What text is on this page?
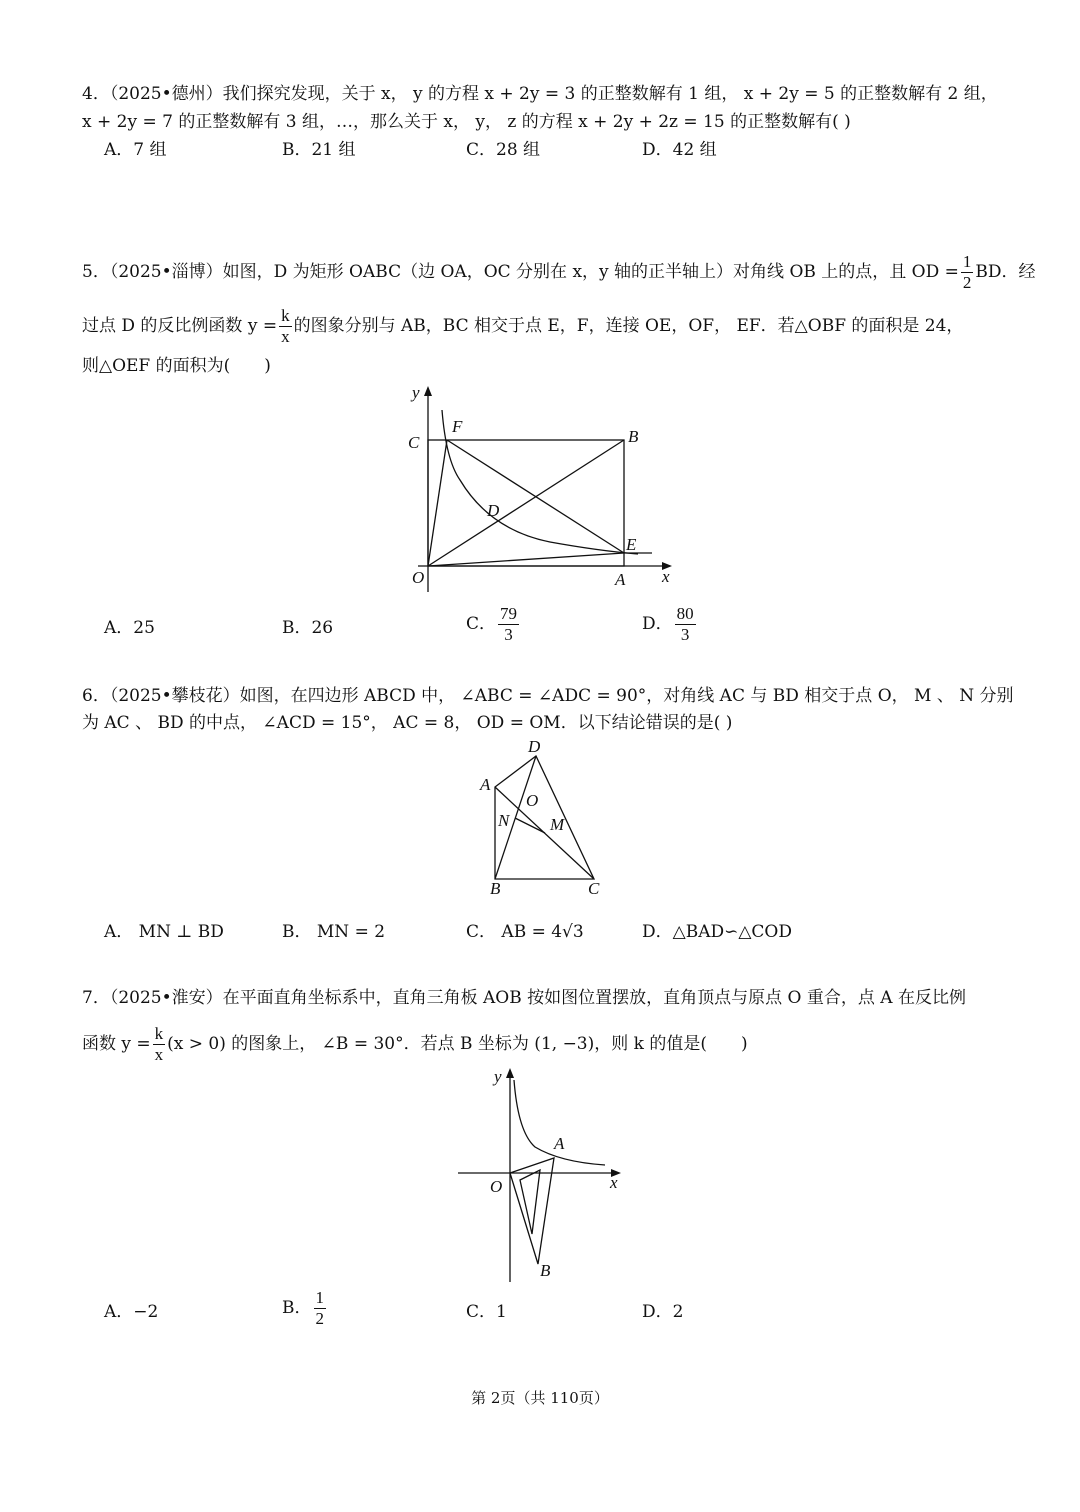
4．（2025•德州）我们探究发现，关于 x， y 的方程 x + 2y = 3 的正整数解有 1 组， x + 2y = 5 的正整数解有 2 组，
x + 2y = 7 的正整数解有 3 组，…，那么关于 x， y， z 的方程 x + 2y + 2z = 15 的正整数解有( )
A．7 组	B．21 组	C．28 组	D．42 组
5．（2025•淄博）如图，D 为矩形 OABC（边 OA，OC 分别在 x，y 轴的正半轴上）对角线 OB 上的点，且 OD = $\frac{1}{2}$ BD．经
过点 D 的反比例函数 $y = \frac{k}{x}$ 的图象分别与 AB，BC 相交于点 E，F，连接 OE，OF， EF．若△OBF 的面积是 24，
则△OEF 的面积为(　　)
y
x
C
F
B
D
E
O	A
A．25	B．26	C． $\frac{79}{3}$	D． $\frac{80}{3}$
6．（2025•攀枝花）如图，在四边形 ABCD 中， ∠ABC = ∠ADC = 90°，对角线 AC 与 BD 相交于点 O， M 、 N 分别
为 AC 、 BD 的中点， ∠ACD = 15°， AC = 8， OD = OM．以下结论错误的是( )
D
A
O
N M
B	C
A． MN ⊥ BD	B． MN = 2	C． AB = 4√3	D．△BAD∽△COD
7．（2025•淮安）在平面直角坐标系中，直角三角板 AOB 按如图位置摆放，直角顶点与原点 O 重合，点 A 在反比例
函数 $y = \frac{k}{x} (x > 0)$ 的图象上， ∠B = 30°．若点 B 坐标为 (1, −3)，则 k 的值是(　　)
y
x
A
O
B
A．−2	B． $\frac{1}{2}$	C．1	D．2
第 2页（共 110页）
